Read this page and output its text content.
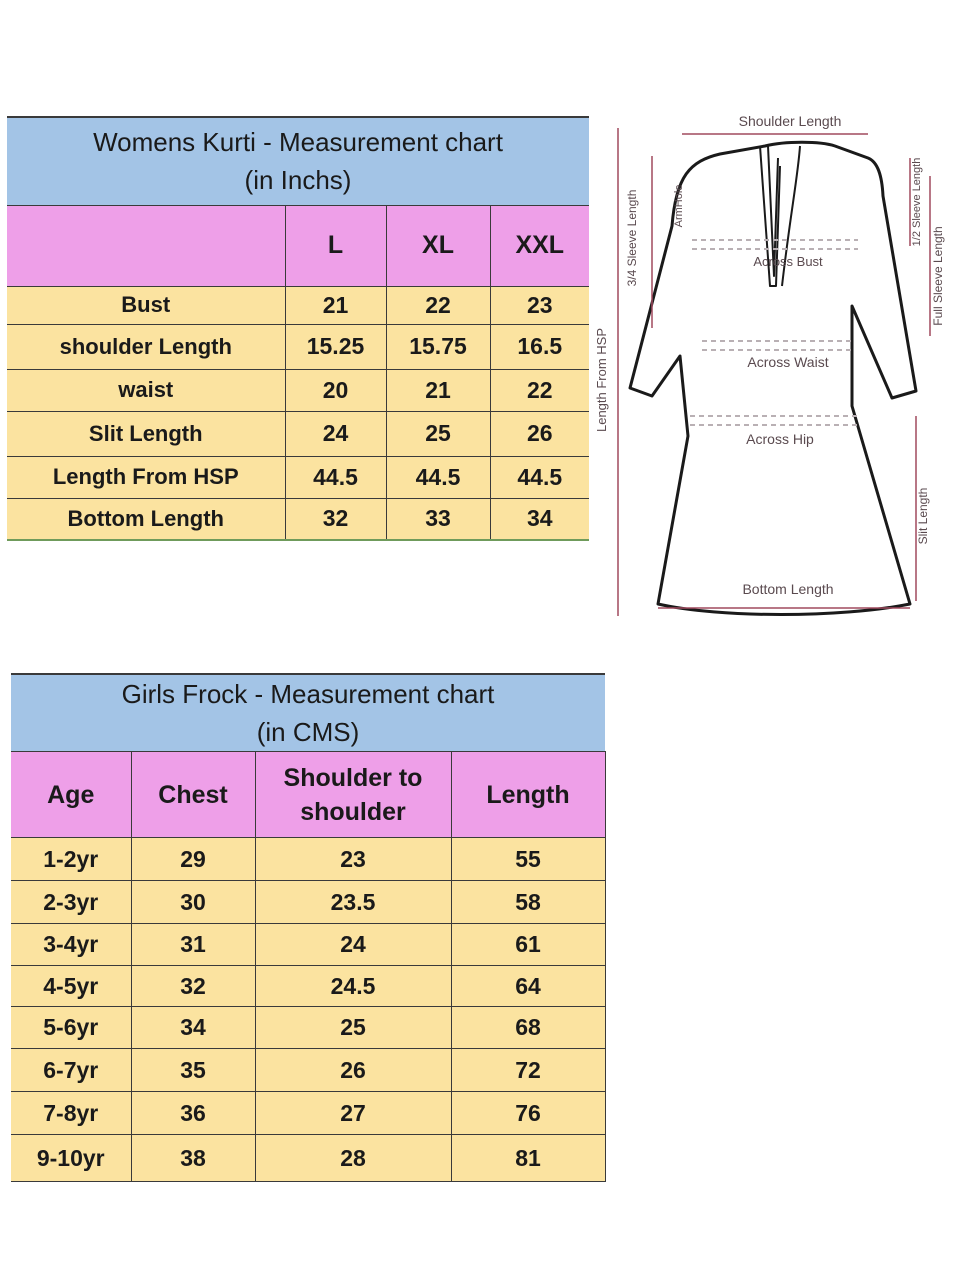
Womens Kurti - Measurement chart
(in Inchs)			

	L	XL	XXL
Bust	21	22	23
shoulder Length	15.25	15.75	16.5
waist	20	21	22
Slit Length	24	25	26
Length From HSP	44.5	44.5	44.5
Bottom Length	32	33	34
Shoulder Length
ArmHole
3/4 Sleeve Length
Length From HSP
Across Bust
Across Waist
Across Hip
1/2 Sleeve Length
Full Sleeve Length
Slit Length
Bottom Length
Girls Frock - Measurement chart
(in CMS)			

Age	Chest	Shoulder to shoulder	Length
1-2yr	29	23	55
2-3yr	30	23.5	58
3-4yr	31	24	61
4-5yr	32	24.5	64
5-6yr	34	25	68
6-7yr	35	26	72
7-8yr	36	27	76
9-10yr	38	28	81
